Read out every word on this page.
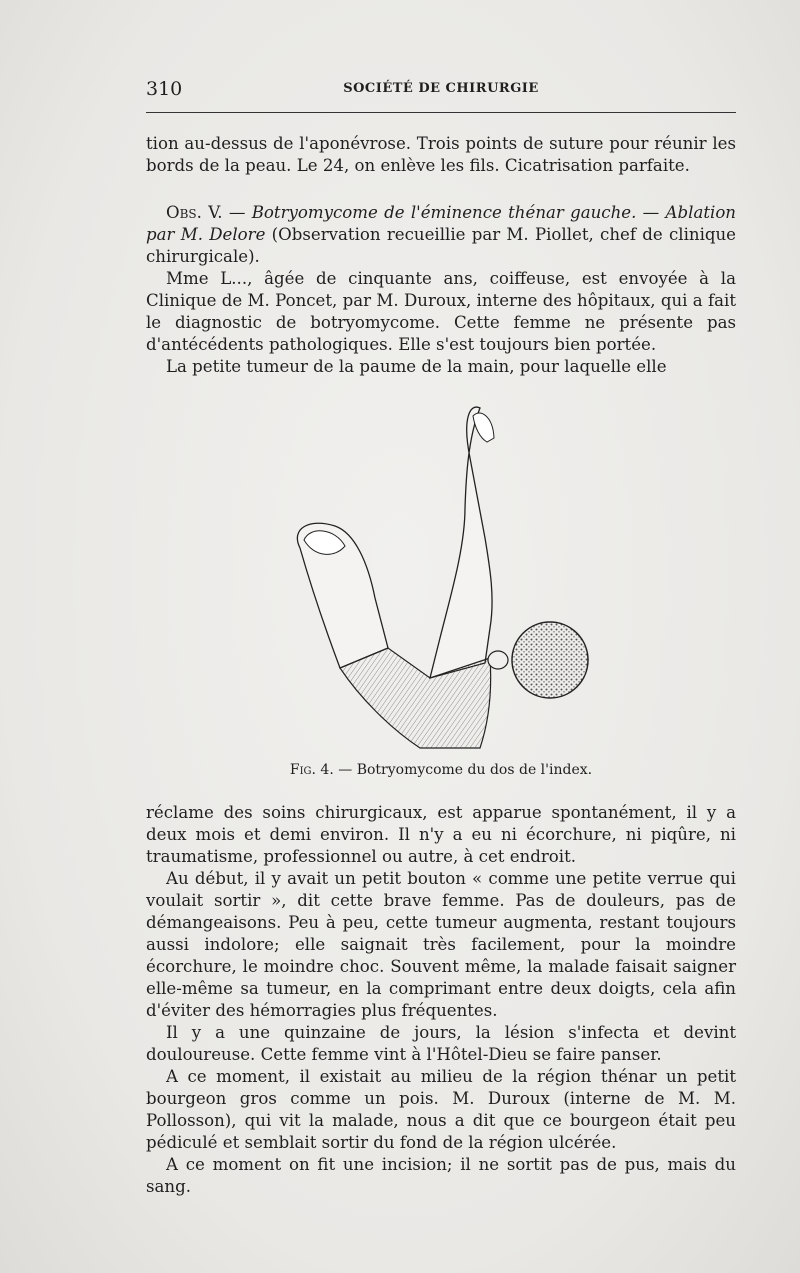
310	SOCIÉTÉ DE CHIRURGIE

tion au-dessus de l'aponévrose. Trois points de suture pour réunir les bords de la peau. Le 24, on enlève les fils. Cicatrisation parfaite.

Obs. V. — Botryomycome de l'éminence thénar gauche. — Ablation par M. Delore (Observation recueillie par M. Piollet, chef de clinique chirurgicale).

Mme L..., âgée de cinquante ans, coiffeuse, est envoyée à la Clinique de M. Poncet, par M. Duroux, interne des hôpitaux, qui a fait le diagnostic de botryomycome. Cette femme ne présente pas d'antécédents pathologiques. Elle s'est toujours bien portée.

La petite tumeur de la paume de la main, pour laquelle elle

Fig. 4. — Botryomycome du dos de l'index.

réclame des soins chirurgicaux, est apparue spontanément, il y a deux mois et demi environ. Il n'y a eu ni écorchure, ni piqûre, ni traumatisme, professionnel ou autre, à cet endroit.

Au début, il y avait un petit bouton « comme une petite verrue qui voulait sortir », dit cette brave femme. Pas de douleurs, pas de démangeaisons. Peu à peu, cette tumeur augmenta, restant toujours aussi indolore; elle saignait très facilement, pour la moindre écorchure, le moindre choc. Souvent même, la malade faisait saigner elle-même sa tumeur, en la comprimant entre deux doigts, cela afin d'éviter des hémorragies plus fréquentes.

Il y a une quinzaine de jours, la lésion s'infecta et devint douloureuse. Cette femme vint à l'Hôtel-Dieu se faire panser.

A ce moment, il existait au milieu de la région thénar un petit bourgeon gros comme un pois. M. Duroux (interne de M. M. Pollosson), qui vit la malade, nous a dit que ce bourgeon était peu pédiculé et semblait sortir du fond de la région ulcérée.

A ce moment on fit une incision; il ne sortit pas de pus, mais du sang.
